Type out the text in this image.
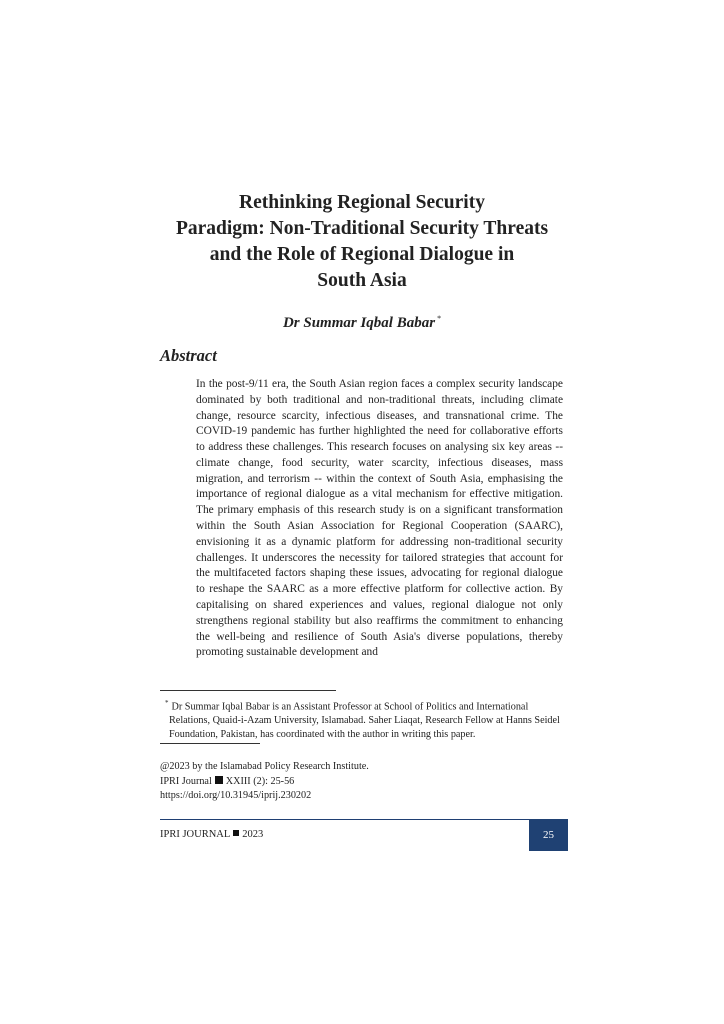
Rethinking Regional Security
Paradigm: Non-Traditional Security Threats
and the Role of Regional Dialogue in
South Asia
Dr Summar Iqbal Babar *
Abstract
In the post-9/11 era, the South Asian region faces a complex security landscape dominated by both traditional and non-traditional threats, including climate change, resource scarcity, infectious diseases, and transnational crime. The COVID-19 pandemic has further highlighted the need for collaborative efforts to address these challenges. This research focuses on analysing six key areas -- climate change, food security, water scarcity, infectious diseases, mass migration, and terrorism -- within the context of South Asia, emphasising the importance of regional dialogue as a vital mechanism for effective mitigation. The primary emphasis of this research study is on a significant transformation within the South Asian Association for Regional Cooperation (SAARC), envisioning it as a dynamic platform for addressing non-traditional security challenges. It underscores the necessity for tailored strategies that account for the multifaceted factors shaping these issues, advocating for regional dialogue to reshape the SAARC as a more effective platform for collective action. By capitalising on shared experiences and values, regional dialogue not only strengthens regional stability but also reaffirms the commitment to enhancing the well-being and resilience of South Asia's diverse populations, thereby promoting sustainable development and
* Dr Summar Iqbal Babar is an Assistant Professor at School of Politics and International Relations, Quaid-i-Azam University, Islamabad. Saher Liaqat, Research Fellow at Hanns Seidel Foundation, Pakistan, has coordinated with the author in writing this paper.
@2023 by the Islamabad Policy Research Institute.
IPRI Journal XXIII (2): 25-56
https://doi.org/10.31945/iprij.230202
IPRI JOURNAL 2023	25
